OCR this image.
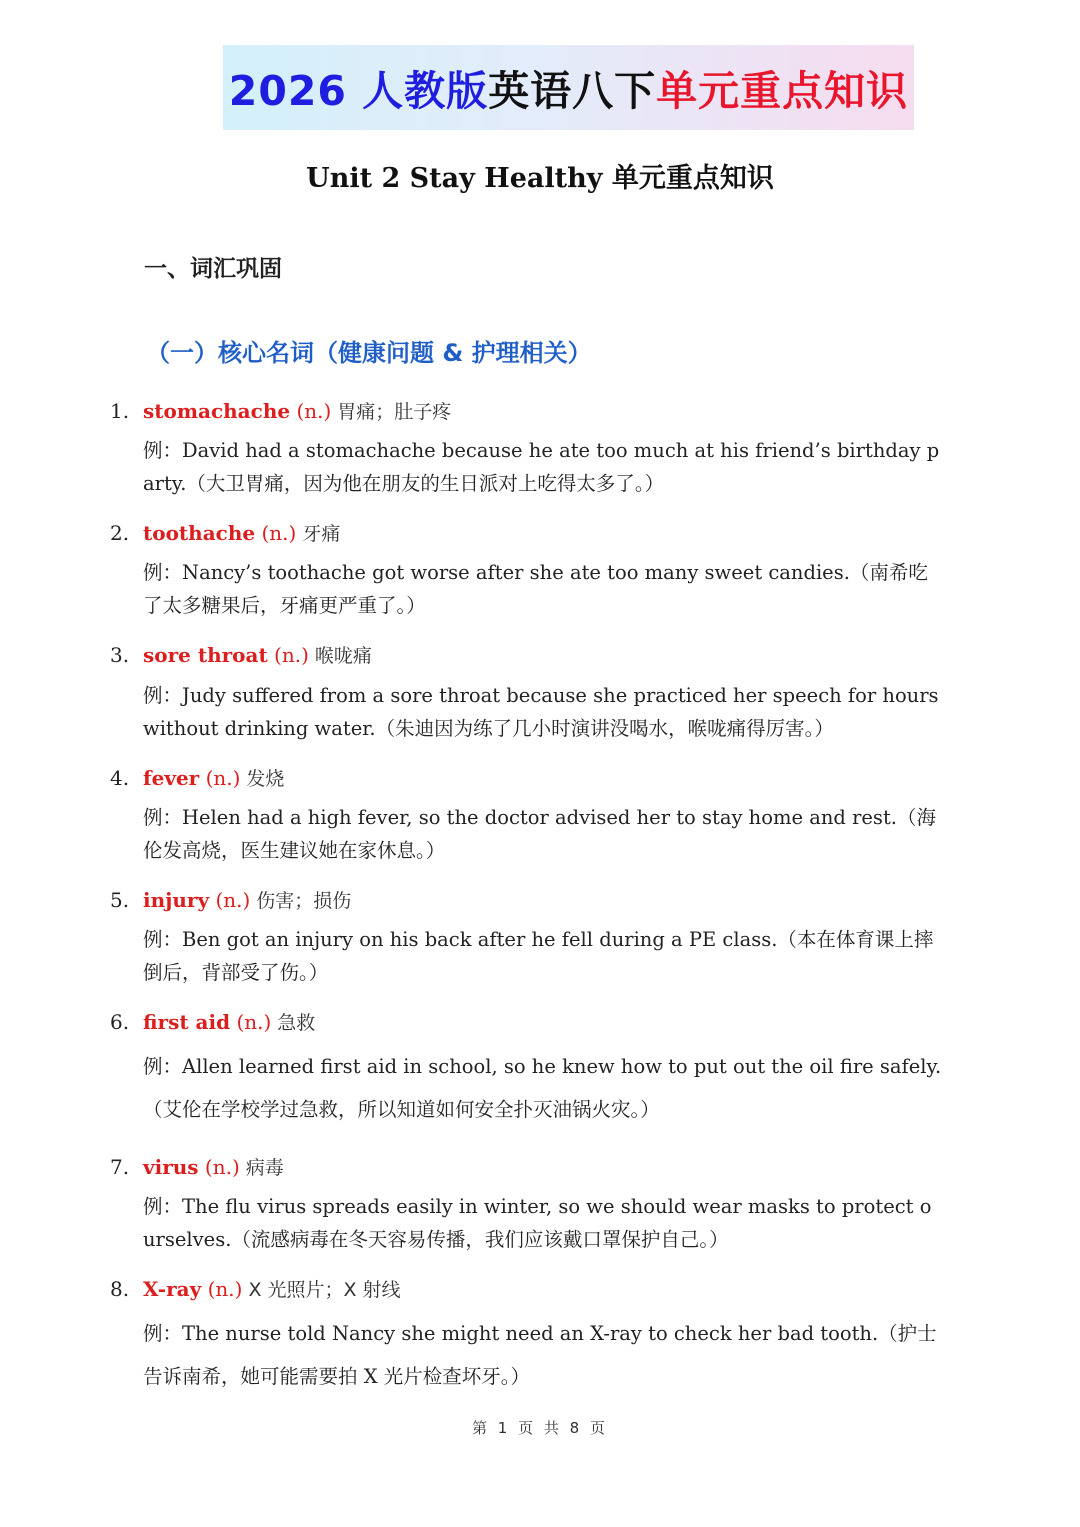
2026 人教版 英语八下 单元重点知识
Unit 2 Stay Healthy 单元重点知识
一、词汇巩固
（一）核心名词（健康问题 & 护理相关）
1. stomachache (n.) 胃痛；肚子疼
例：David had a stomachache because he ate too much at his friend’s birthday party.（大卫胃痛，因为他在朋友的生日派对上吃得太多了。）
2. toothache (n.) 牙痛
例：Nancy’s toothache got worse after she ate too many sweet candies.（南希吃了太多糖果后，牙痛更严重了。）
3. sore throat (n.) 喉咙痛
例：Judy suffered from a sore throat because she practiced her speech for hours without drinking water.（朱迪因为练了几小时演讲没喝水，喉咙痛得厉害。）
4. fever (n.) 发烧
例：Helen had a high fever, so the doctor advised her to stay home and rest.（海伦发高烧，医生建议她在家休息。）
5. injury (n.) 伤害；损伤
例：Ben got an injury on his back after he fell during a PE class.（本在体育课上摔倒后，背部受了伤。）
6. first aid (n.) 急救
例：Allen learned first aid in school, so he knew how to put out the oil fire safely.（艾伦在学校学过急救，所以知道如何安全扑灭油锅火灾。）
7. virus (n.) 病毒
例：The flu virus spreads easily in winter, so we should wear masks to protect ourselves.（流感病毒在冬天容易传播，我们应该戴口罩保护自己。）
8. X-ray (n.) X 光照片；X 射线
例：The nurse told Nancy she might need an X-ray to check her bad tooth.（护士告诉南希，她可能需要拍 X 光片检查坏牙。）
第 1 页 共 8 页
